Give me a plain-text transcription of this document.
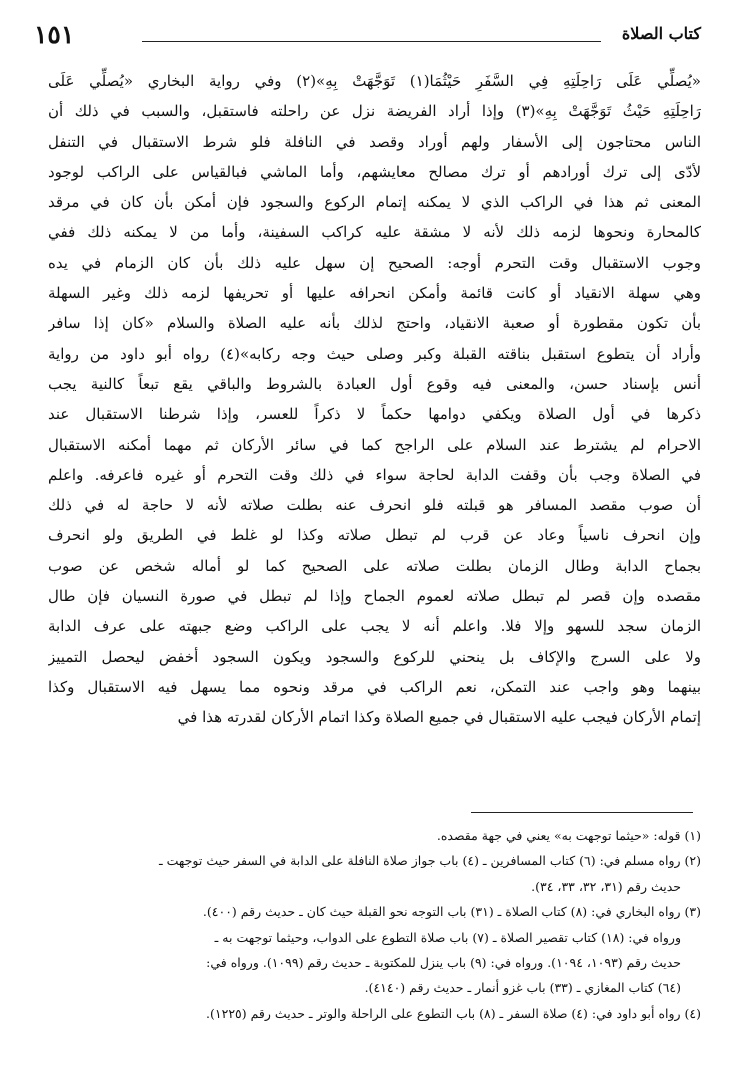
كتاب الصلاة
١٥١
«يُصلِّي عَلَى رَاحِلَتِهِ فِي السَّفَرِ حَيْثُمَا(١) تَوَجَّهَتْ بِهِ»(٢) وفي رواية البخاري «يُصلِّي عَلَى
رَاحِلَتِهِ حَيْثُ تَوَجَّهَتْ بِهِ»(٣) وإذا أراد الفريضة نزل عن راحلته فاستقبل، والسبب في ذلك أن
الناس محتاجون إلى الأسفار ولهم أوراد وقصد في النافلة فلو شرط الاستقبال في التنفل
لأدّى إلى ترك أورادهم أو ترك مصالح معايشهم، وأما الماشي فبالقياس على الراكب لوجود
المعنى ثم هذا في الراكب الذي لا يمكنه إتمام الركوع والسجود فإن أمكن بأن كان في مرقد
كالمحارة ونحوها لزمه ذلك لأنه لا مشقة عليه كراكب السفينة، وأما من لا يمكنه ذلك ففي
وجوب الاستقبال وقت التحرم أوجه: الصحيح إن سهل عليه ذلك بأن كان الزمام في يده
وهي سهلة الانقياد أو كانت قائمة وأمكن انحرافه عليها أو تحريفها لزمه ذلك وغير السهلة
بأن تكون مقطورة أو صعبة الانقياد، واحتج لذلك بأنه عليه الصلاة والسلام «كان إذا سافر
وأراد أن يتطوع استقبل بناقته القبلة وكبر وصلى حيث وجه ركابه»(٤) رواه أبو داود من رواية
أنس بإسناد حسن، والمعنى فيه وقوع أول العبادة بالشروط والباقي يقع تبعاً كالنية يجب
ذكرها في أول الصلاة ويكفي دوامها حكماً لا ذكراً للعسر، وإذا شرطنا الاستقبال عند
الاحرام لم يشترط عند السلام على الراجح كما في سائر الأركان ثم مهما أمكنه الاستقبال
في الصلاة وجب بأن وقفت الدابة لحاجة سواء في ذلك وقت التحرم أو غيره فاعرفه. واعلم
أن صوب مقصد المسافر هو قبلته فلو انحرف عنه بطلت صلاته لأنه لا حاجة له في ذلك
وإن انحرف ناسياً وعاد عن قرب لم تبطل صلاته وكذا لو غلط في الطريق ولو انحرف
بجماح الدابة وطال الزمان بطلت صلاته على الصحيح كما لو أماله شخص عن صوب
مقصده وإن قصر لم تبطل صلاته لعموم الجماح وإذا لم تبطل في صورة النسيان فإن طال
الزمان سجد للسهو وإلا فلا. واعلم أنه لا يجب على الراكب وضع جبهته على عرف الدابة
ولا على السرج والإكاف بل ينحني للركوع والسجود ويكون السجود أخفض ليحصل التمييز
بينهما وهو واجب عند التمكن، نعم الراكب في مرقد ونحوه مما يسهل فيه الاستقبال وكذا
إتمام الأركان فيجب عليه الاستقبال في جميع الصلاة وكذا اتمام الأركان لقدرته هذا في
(١) قوله: «حيثما توجهت به» يعني في جهة مقصده.
(٢) رواه مسلم في: (٦) كتاب المسافرين ـ (٤) باب جواز صلاة النافلة على الدابة في السفر حيث توجهت ـ
حديث رقم (٣١، ٣٢، ٣٣، ٣٤).
(٣) رواه البخاري في: (٨) كتاب الصلاة ـ (٣١) باب التوجه نحو القبلة حيث كان ـ حديث رقم (٤٠٠).
ورواه في: (١٨) كتاب تقصير الصلاة ـ (٧) باب صلاة التطوع على الدواب، وحيثما توجهت به ـ
حديث رقم (١٠٩٣، ١٠٩٤). ورواه في: (٩) باب ينزل للمكتوبة ـ حديث رقم (١٠٩٩). ورواه في:
(٦٤) كتاب المغازي ـ (٣٣) باب غزو أنمار ـ حديث رقم (٤١٤٠).
(٤) رواه أبو داود في: (٤) صلاة السفر ـ (٨) باب التطوع على الراحلة والوتر ـ حديث رقم (١٢٢٥).
